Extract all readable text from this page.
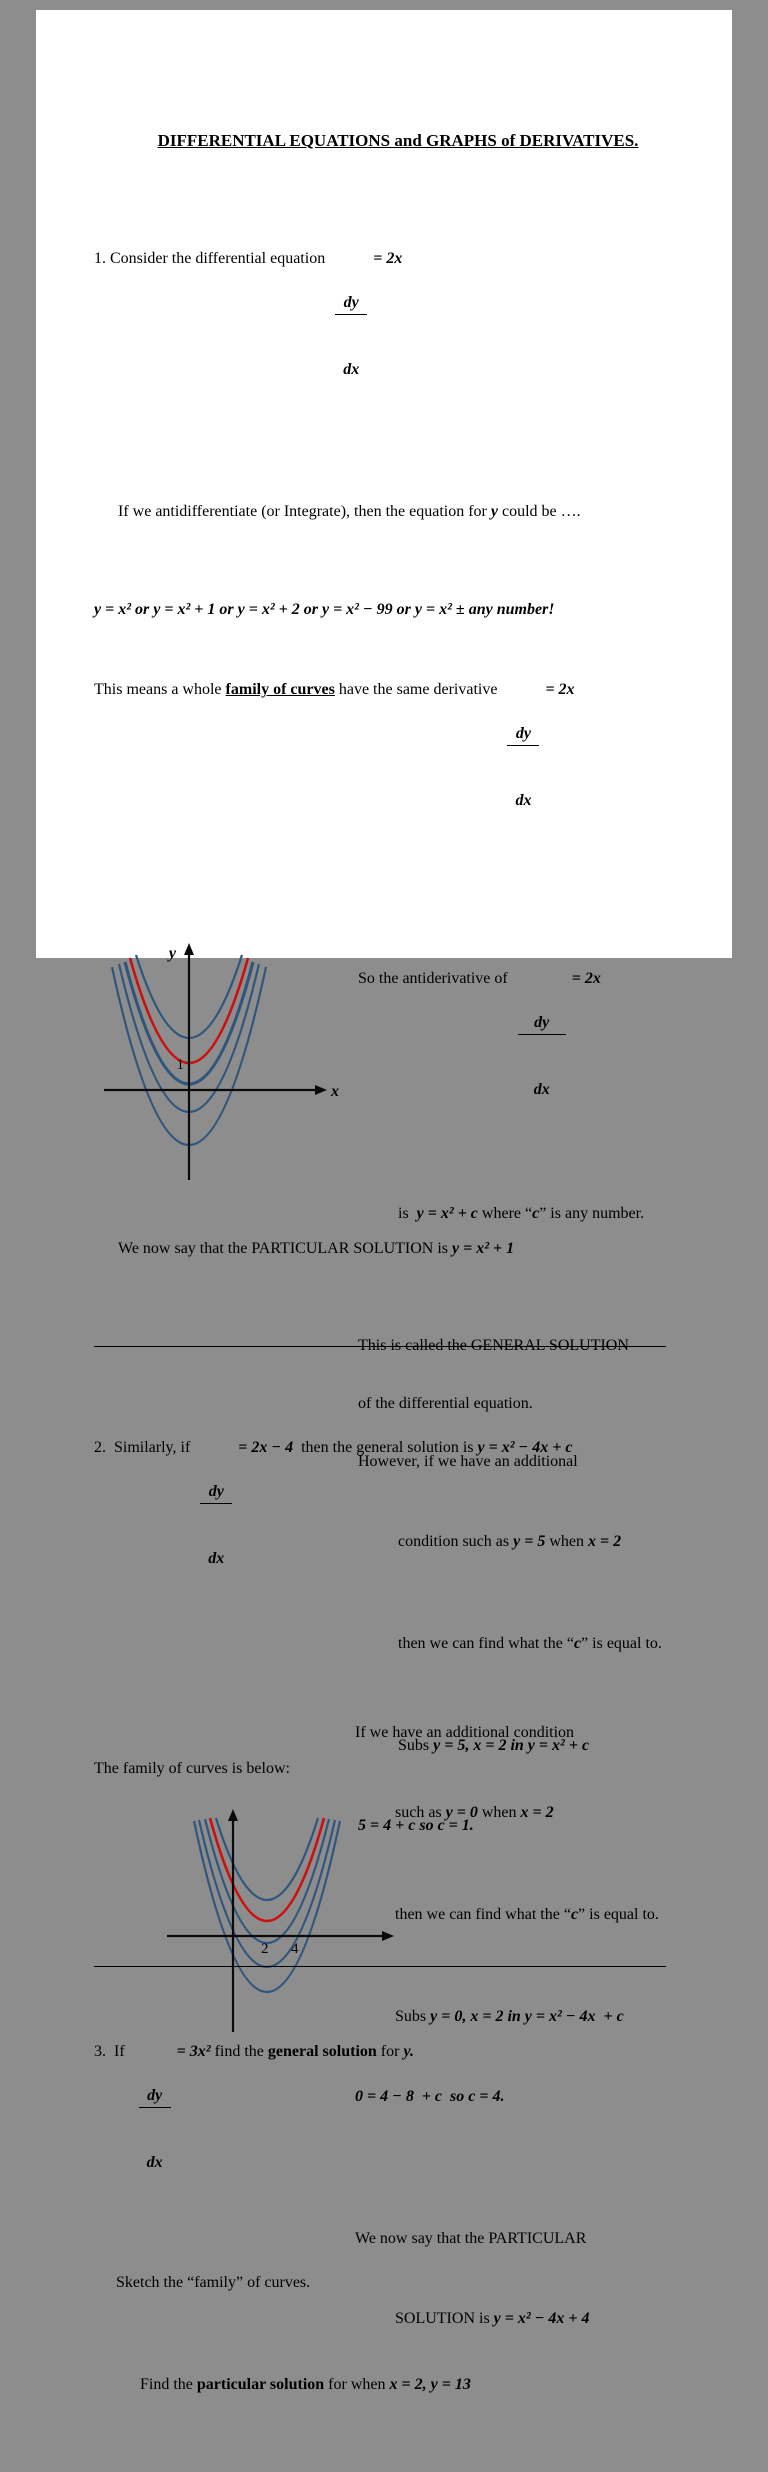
DIFFERENTIAL EQUATIONS and GRAPHS of DERIVATIVES.

1. Consider the differential equation

$\frac{dy}{dx}$

= 2x

If we antidifferentiate (or Integrate), then the equation for y could be ….

y = x² or y = x² + 1 or y = x² + 2 or y = x² − 99 or y = x² ± any number!

This means a whole family of curves have the same derivative

$\frac{dy}{dx}$

= 2x

y
x
1

So the antiderivative of

$\frac{dy}{dx}$

= 2x

is  y = x² + c where “c” is any number.

This is called the GENERAL SOLUTION

of the differential equation.

However, if we have an additional

condition such as y = 5 when x = 2

then we can find what the “c” is equal to.

Subs y = 5, x = 2 in y = x² + c

5 = 4 + c so c = 1.

We now say that the PARTICULAR SOLUTION is y = x² + 1

2.  Similarly, if

$\frac{dy}{dx}$

= 2x − 4  then the general solution is y = x² − 4x + c

The family of curves is below:

2 4

If we have an additional condition

such as y = 0 when x = 2

then we can find what the “c” is equal to.

Subs y = 0, x = 2 in y = x² − 4x  + c

0 = 4 − 8  + c  so c = 4.

We now say that the PARTICULAR

SOLUTION is y = x² − 4x + 4

3.  If

$\frac{dy}{dx}$

= 3x² find the general solution for y.

Sketch the “family” of curves.

Find the particular solution for when x = 2, y = 13
